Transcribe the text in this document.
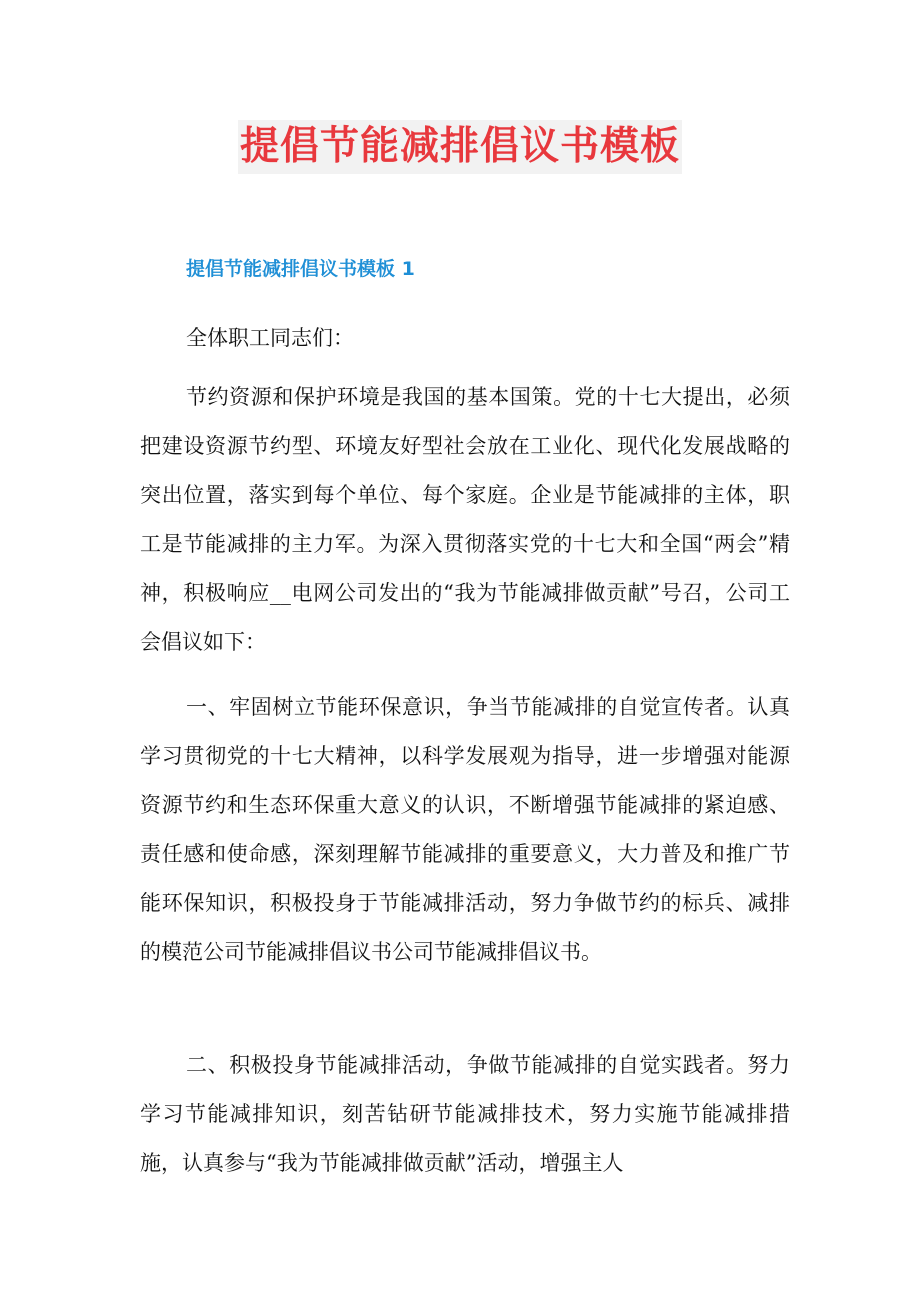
提倡节能减排倡议书模板
提倡节能减排倡议书模板 1

全体职工同志们：

节约资源和保护环境是我国的基本国策。党的十七大提出，必须把建设资源节约型、环境友好型社会放在工业化、现代化发展战略的突出位置，落实到每个单位、每个家庭。企业是节能减排的主体，职工是节能减排的主力军。为深入贯彻落实党的十七大和全国“两会”精神，积极响应__电网公司发出的“我为节能减排做贡献”号召，公司工会倡议如下：

一、牢固树立节能环保意识，争当节能减排的自觉宣传者。认真学习贯彻党的十七大精神，以科学发展观为指导，进一步增强对能源资源节约和生态环保重大意义的认识，不断增强节能减排的紧迫感、责任感和使命感，深刻理解节能减排的重要意义，大力普及和推广节能环保知识，积极投身于节能减排活动，努力争做节约的标兵、减排的模范公司节能减排倡议书公司节能减排倡议书。

二、积极投身节能减排活动，争做节能减排的自觉实践者。努力学习节能减排知识，刻苦钻研节能减排技术，努力实施节能减排措施，认真参与“我为节能减排做贡献”活动，增强主人
